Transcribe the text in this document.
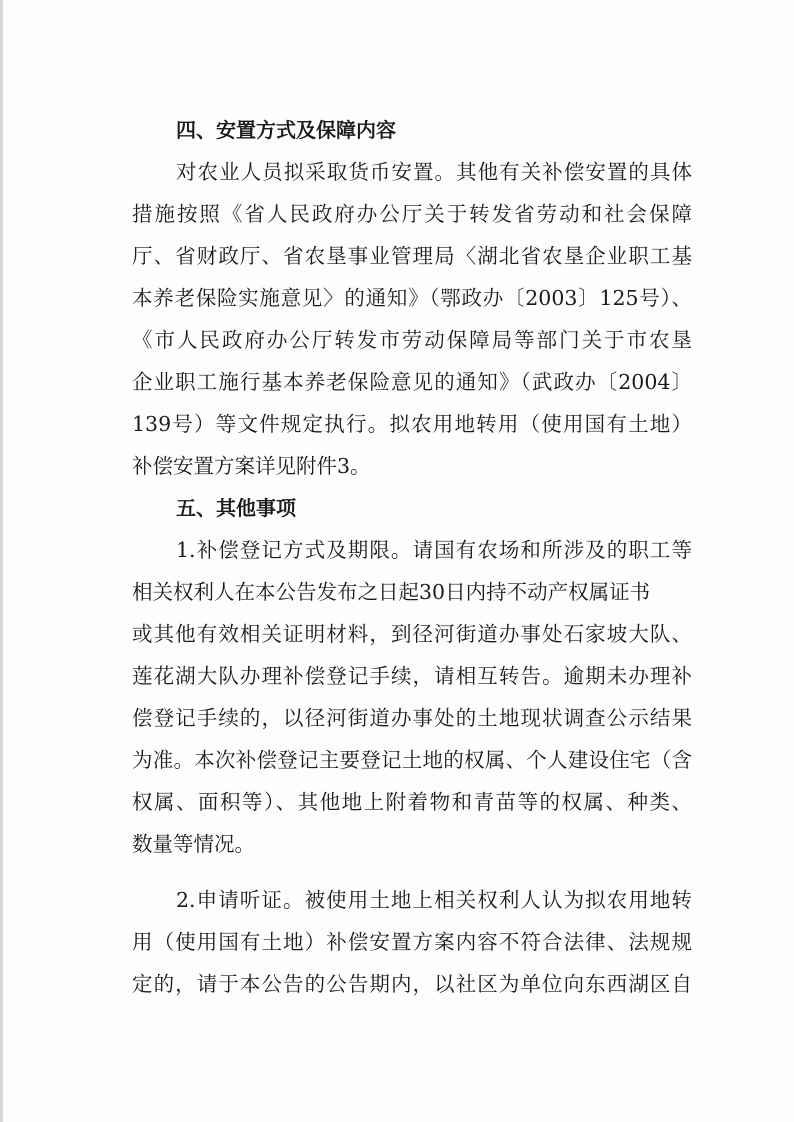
四、安置方式及保障内容
对农业人员拟采取货币安置。其他有关补偿安置的具体
措施按照《省人民政府办公厅关于转发省劳动和社会保障
厅、省财政厅、省农垦事业管理局〈湖北省农垦企业职工基
本养老保险实施意见〉的通知》（鄂政办〔2003〕125号）、
《市人民政府办公厅转发市劳动保障局等部门关于市农垦
企业职工施行基本养老保险意见的通知》（武政办〔2004〕
139号）等文件规定执行。拟农用地转用（使用国有土地）
补偿安置方案详见附件3。
五、其他事项
1.补偿登记方式及期限。请国有农场和所涉及的职工等
相关权利人在本公告发布之日起30日内持不动产权属证书
或其他有效相关证明材料，到径河街道办事处石家坡大队、
莲花湖大队办理补偿登记手续，请相互转告。逾期未办理补
偿登记手续的，以径河街道办事处的土地现状调查公示结果
为准。本次补偿登记主要登记土地的权属、个人建设住宅（含
权属、面积等）、其他地上附着物和青苗等的权属、种类、
数量等情况。
2.申请听证。被使用土地上相关权利人认为拟农用地转
用（使用国有土地）补偿安置方案内容不符合法律、法规规
定的，请于本公告的公告期内，以社区为单位向东西湖区自
